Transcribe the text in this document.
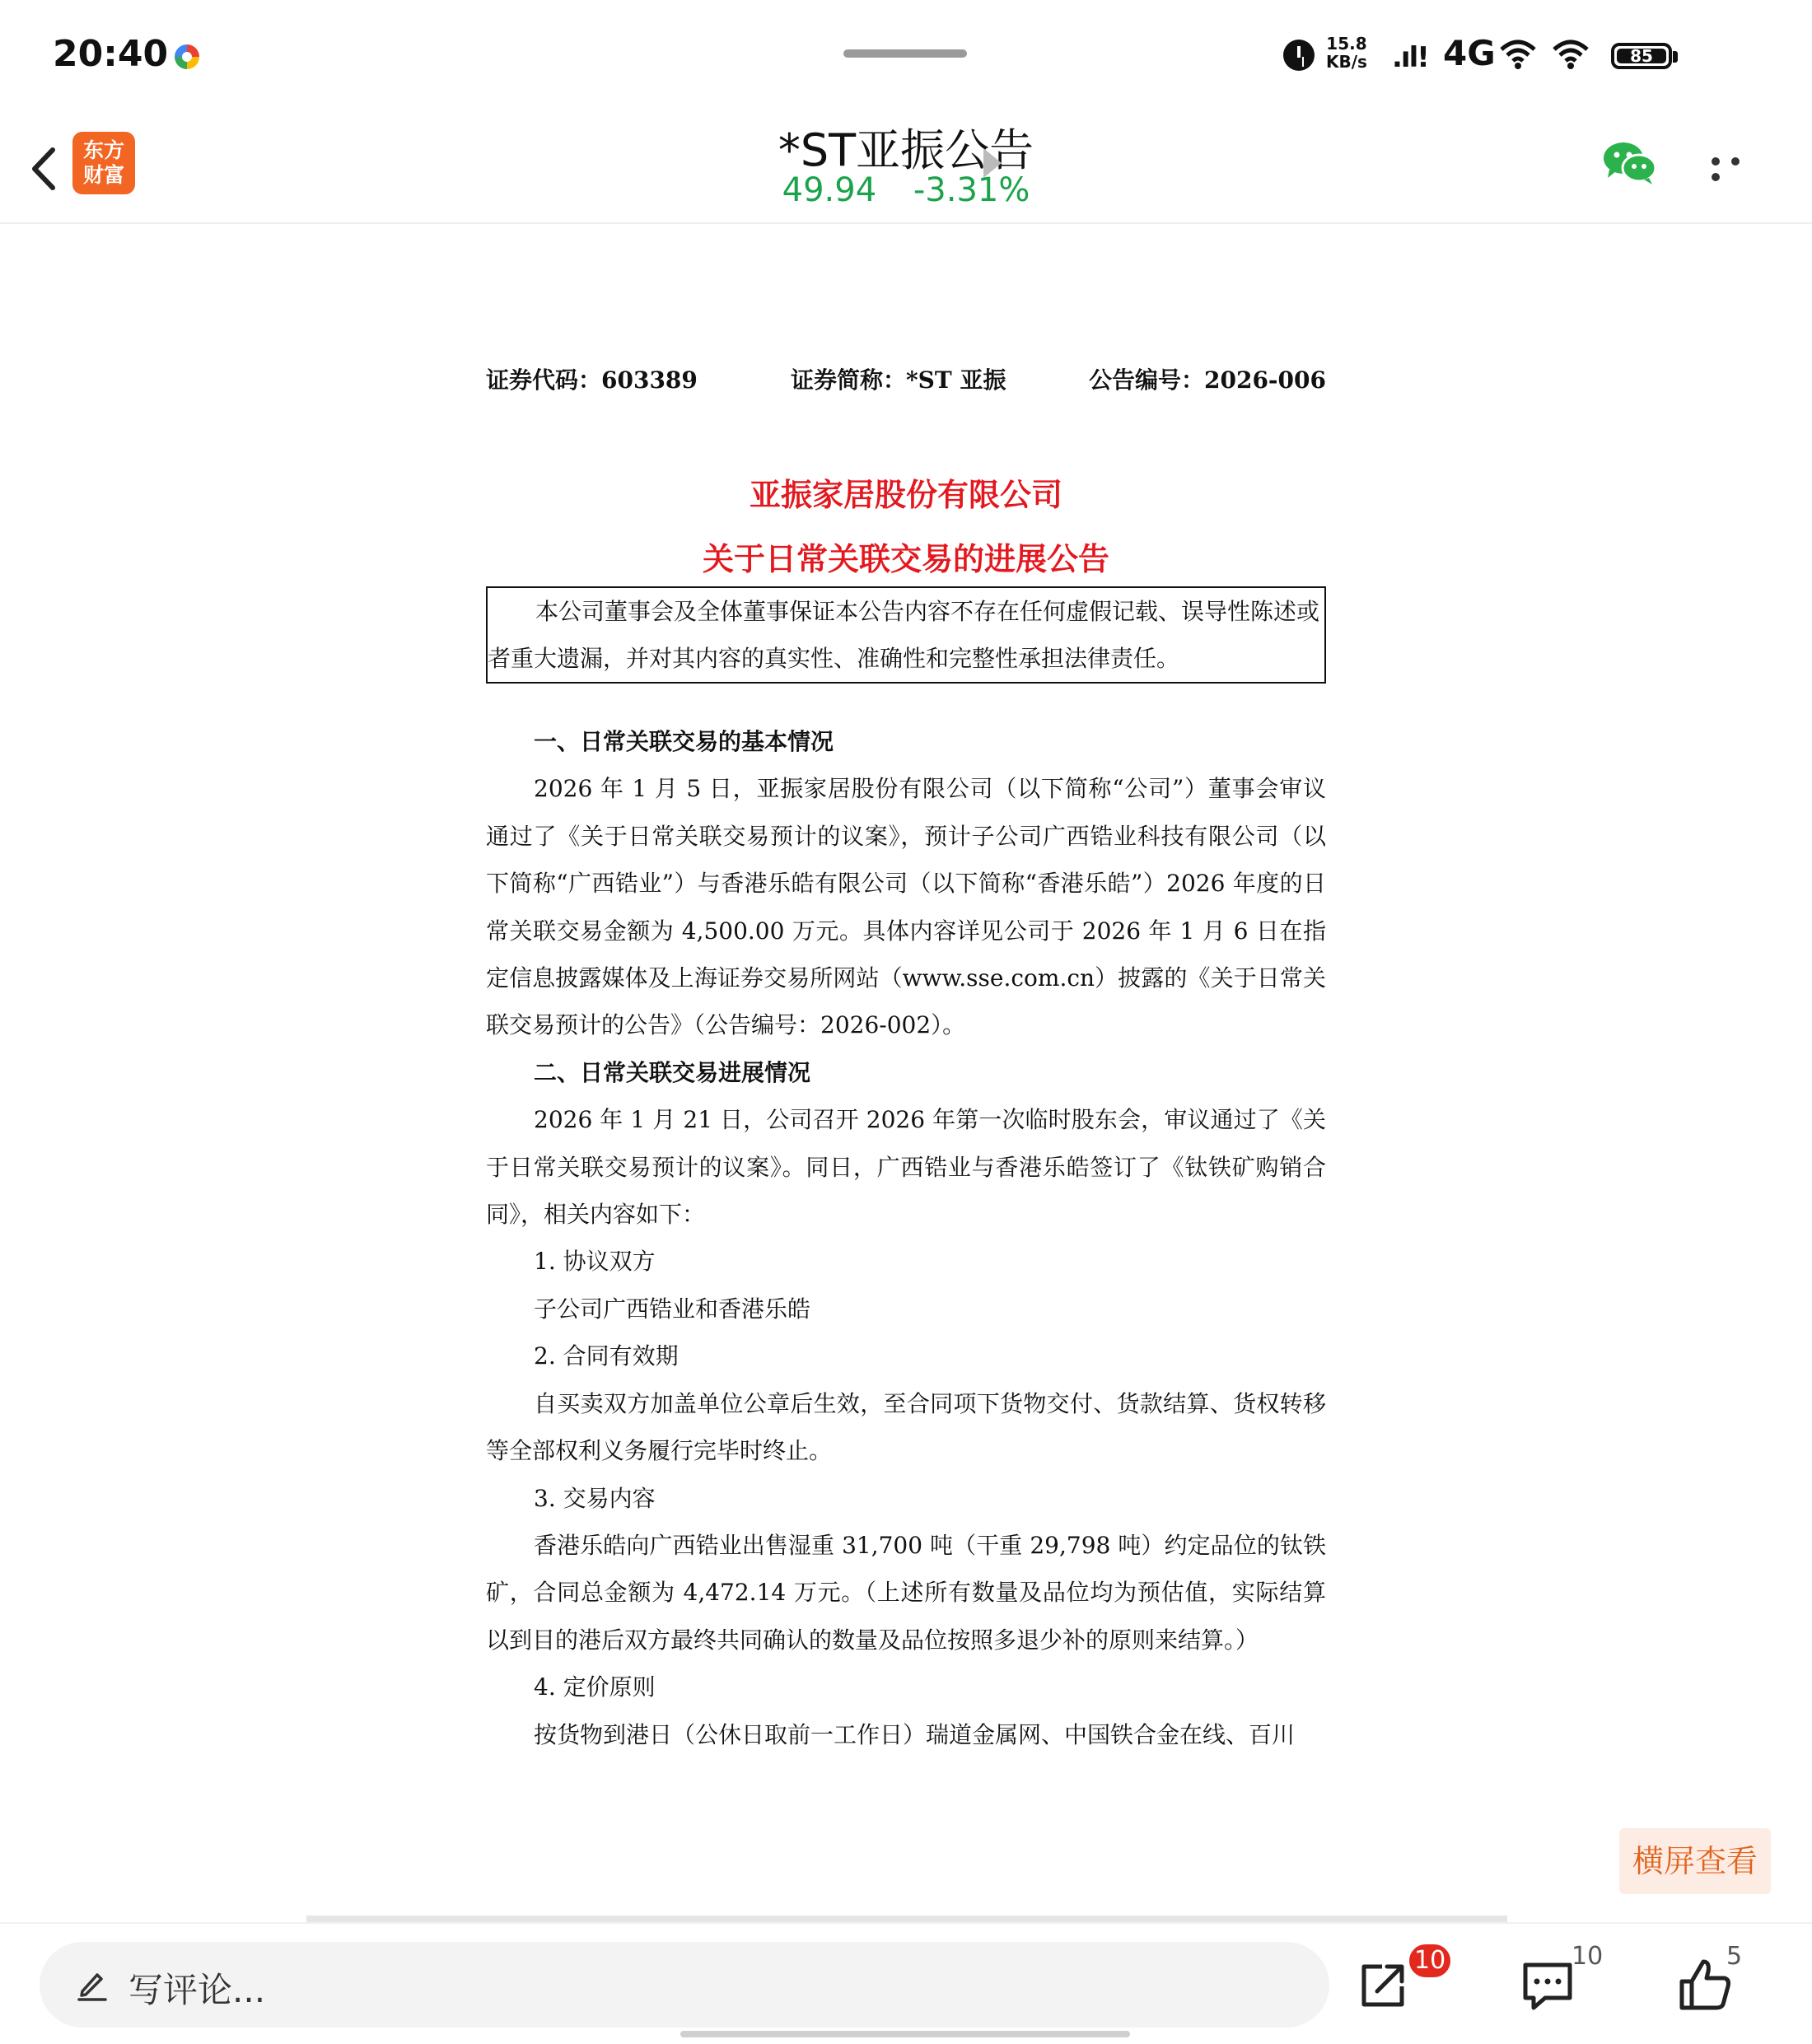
20:40	15.8
KB/s .ıl! 4G	85
东方
财富	*ST亚振公告
49.94 -3.31%
证券代码：603389	证券简称：*ST 亚振	公告编号：2026-006
亚振家居股份有限公司
关于日常关联交易的进展公告

本公司董事会及全体董事保证本公告内容不存在任何虚假记载、误导性陈述或者重大遗漏，并对其内容的真实性、准确性和完整性承担法律责任。

一、日常关联交易的基本情况

2026 年 1 月 5 日，亚振家居股份有限公司（以下简称“公司”）董事会审议通过了《关于日常关联交易预计的议案》，预计子公司广西锆业科技有限公司（以下简称“广西锆业”）与香港乐皓有限公司（以下简称“香港乐皓”）2026 年度的日常关联交易金额为 4,500.00 万元。具体内容详见公司于 2026 年 1 月 6 日在指定信息披露媒体及上海证券交易所网站（www.sse.com.cn）披露的《关于日常关联交易预计的公告》（公告编号：2026-002）。

二、日常关联交易进展情况

2026 年 1 月 21 日，公司召开 2026 年第一次临时股东会，审议通过了《关于日常关联交易预计的议案》。同日，广西锆业与香港乐皓签订了《钛铁矿购销合同》，相关内容如下：

1. 协议双方

子公司广西锆业和香港乐皓

2. 合同有效期

自买卖双方加盖单位公章后生效，至合同项下货物交付、货款结算、货权转移等全部权利义务履行完毕时终止。

3. 交易内容

香港乐皓向广西锆业出售湿重 31,700 吨（干重 29,798 吨）约定品位的钛铁矿，合同总金额为 4,472.14 万元。（上述所有数量及品位均为预估值，实际结算以到目的港后双方最终共同确认的数量及品位按照多退少补的原则来结算。）

4. 定价原则

按货物到港日（公休日取前一工作日）瑞道金属网、中国铁合金在线、百川

横屏查看
写评论...
10	10	5
